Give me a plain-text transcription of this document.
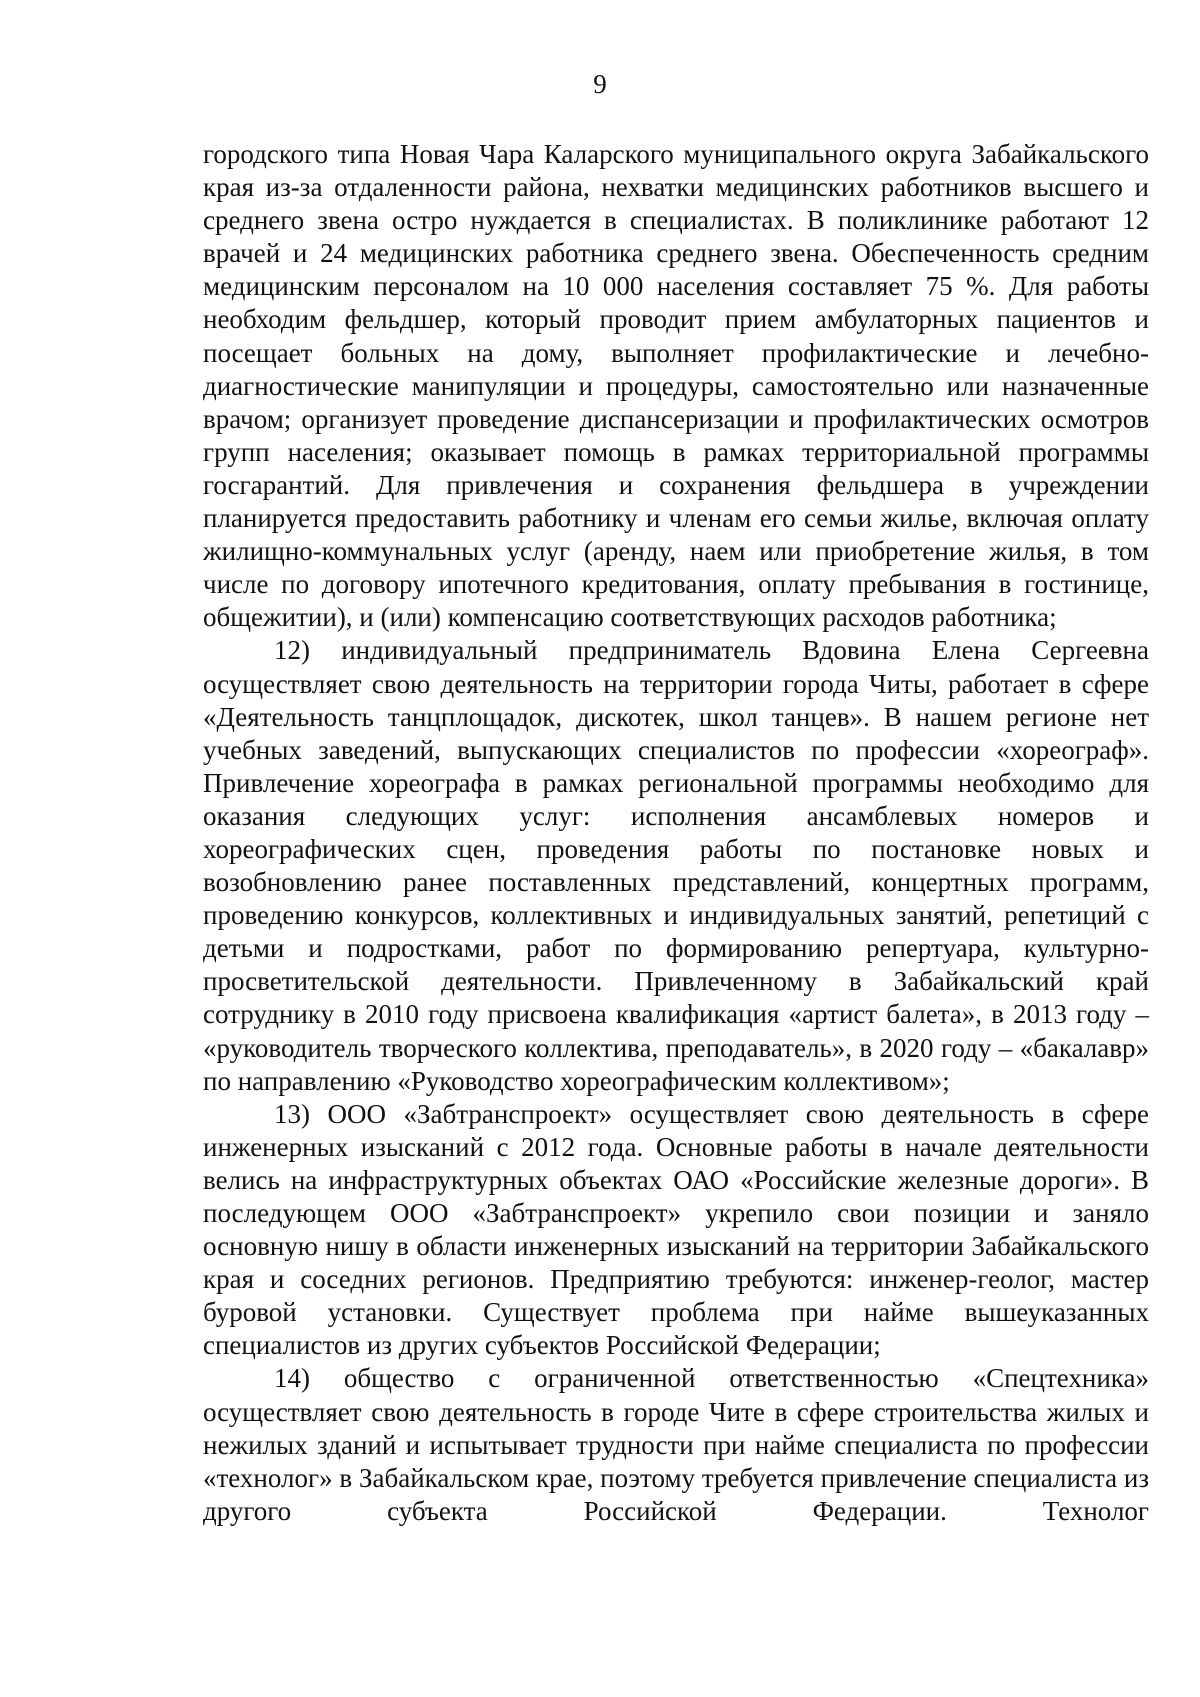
9

городского типа Новая Чара Каларского муниципального округа Забайкальского края из-за отдаленности района, нехватки медицинских работников высшего и среднего звена остро нуждается в специалистах. В поликлинике работают 12 врачей и 24 медицинских работника среднего звена. Обеспеченность средним медицинским персоналом на 10 000 населения составляет 75 %. Для работы необходим фельдшер, который проводит прием амбулаторных пациентов и посещает больных на дому, выполняет профилактические и лечебно-диагностические манипуляции и процедуры, самостоятельно или назначенные врачом; организует проведение диспансеризации и профилактических осмотров групп населения; оказывает помощь в рамках территориальной программы госгарантий. Для привлечения и сохранения фельдшера в учреждении планируется предоставить работнику и членам его семьи жилье, включая оплату жилищно-коммунальных услуг (аренду, наем или приобретение жилья, в том числе по договору ипотечного кредитования, оплату пребывания в гостинице, общежитии), и (или) компенсацию соответствующих расходов работника;

12) индивидуальный предприниматель Вдовина Елена Сергеевна осуществляет свою деятельность на территории города Читы, работает в сфере «Деятельность танцплощадок, дискотек, школ танцев». В нашем регионе нет учебных заведений, выпускающих специалистов по профессии «хореограф». Привлечение хореографа в рамках региональной программы необходимо для оказания следующих услуг: исполнения ансамблевых номеров и хореографических сцен, проведения работы по постановке новых и возобновлению ранее поставленных представлений, концертных программ, проведению конкурсов, коллективных и индивидуальных занятий, репетиций с детьми и подростками, работ по формированию репертуара, культурно-просветительской деятельности. Привлеченному в Забайкальский край сотруднику в 2010 году присвоена квалификация «артист балета», в 2013 году – «руководитель творческого коллектива, преподаватель», в 2020 году – «бакалавр» по направлению «Руководство хореографическим коллективом»;

13) ООО «Забтранспроект» осуществляет свою деятельность в сфере инженерных изысканий с 2012 года. Основные работы в начале деятельности велись на инфраструктурных объектах ОАО «Российские железные дороги». В последующем ООО «Забтранспроект» укрепило свои позиции и заняло основную нишу в области инженерных изысканий на территории Забайкальского края и соседних регионов. Предприятию требуются: инженер-геолог, мастер буровой установки. Существует проблема при найме вышеуказанных специалистов из других субъектов Российской Федерации;

14) общество с ограниченной ответственностью «Спецтехника» осуществляет свою деятельность в городе Чите в сфере строительства жилых и нежилых зданий и испытывает трудности при найме специалиста по профессии «технолог» в Забайкальском крае, поэтому требуется привлечение специалиста из другого субъекта Российской Федерации. Технолог
